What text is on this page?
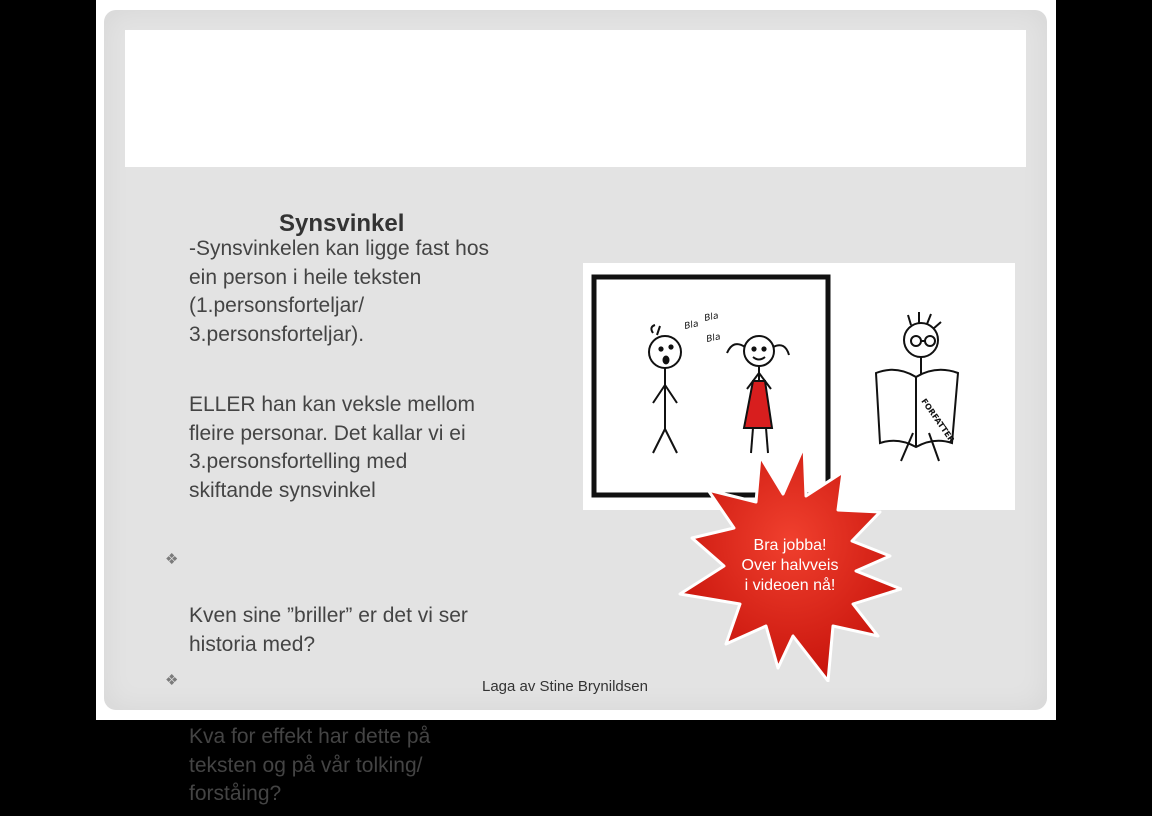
Synsvinkel

-Synsvinkelen kan ligge fast hos
ein person i heile teksten
(1.personsforteljar/
3.personsforteljar).

ELLER han kan veksle mellom
fleire personar. Det kallar vi ei
3.personsfortelling med
skiftande synsvinkel

❖

Kven sine ”briller” er det vi ser
historia med?

❖

Kva for effekt har dette på
teksten og på vår tolking/
forståing?

Laga av Stine Brynildsen
Bla
Bla
Bla
FORFATTER
Bra jobba!
Over halvveis
i videoen nå!
